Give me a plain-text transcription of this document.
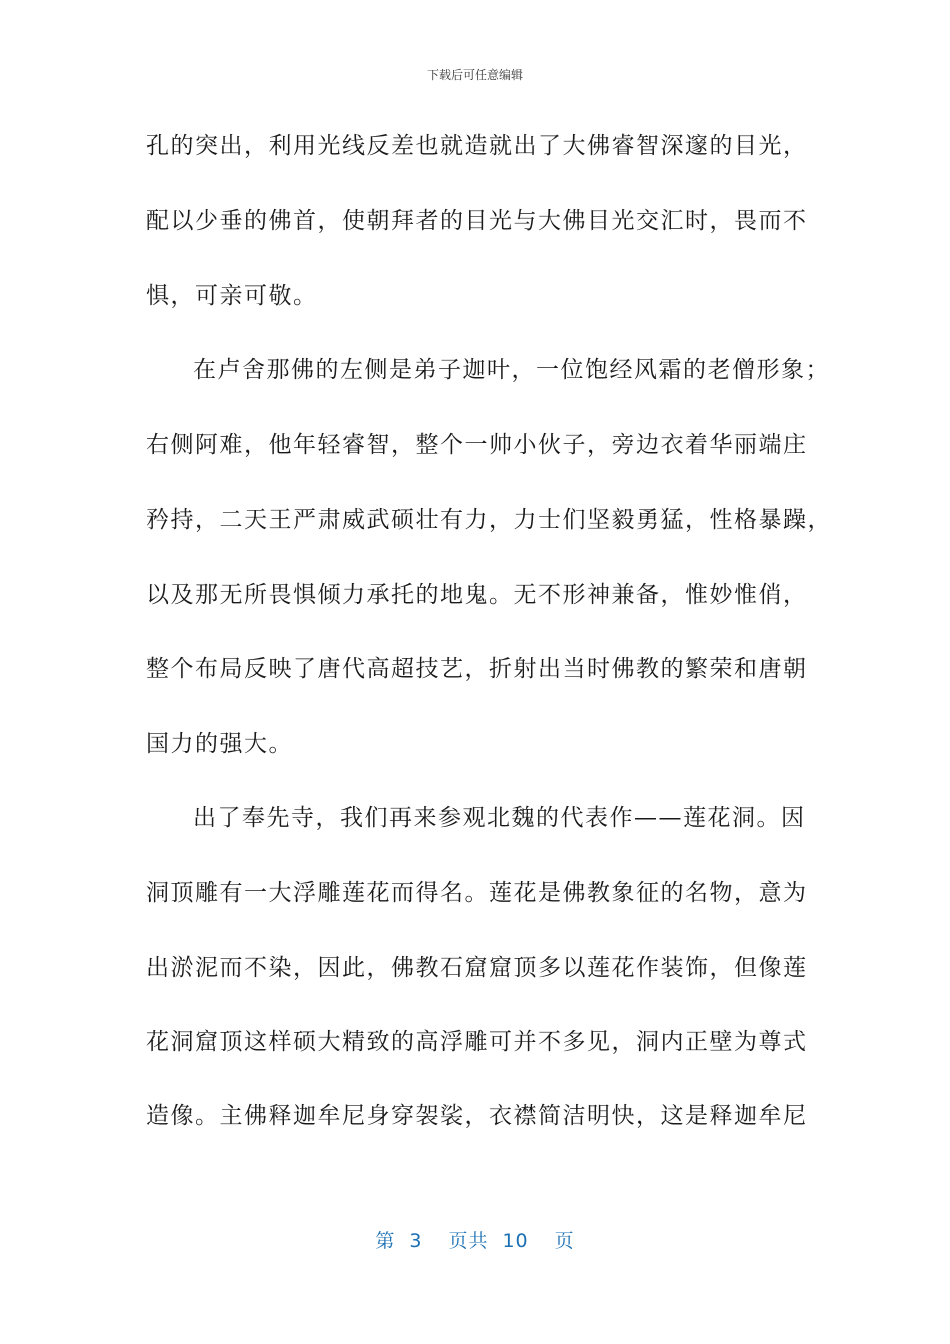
下载后可任意编辑
孔的突出，利用光线反差也就造就出了大佛睿智深邃的目光，
配以少垂的佛首，使朝拜者的目光与大佛目光交汇时，畏而不
惧，可亲可敬。
在卢舍那佛的左侧是弟子迦叶，一位饱经风霜的老僧形象；
右侧阿难，他年轻睿智，整个一帅小伙子，旁边衣着华丽端庄
矜持，二天王严肃威武硕壮有力，力士们坚毅勇猛，性格暴躁，
以及那无所畏惧倾力承托的地鬼。无不形神兼备，惟妙惟俏，
整个布局反映了唐代高超技艺，折射出当时佛教的繁荣和唐朝
国力的强大。
出了奉先寺，我们再来参观北魏的代表作——莲花洞。因
洞顶雕有一大浮雕莲花而得名。莲花是佛教象征的名物，意为
出淤泥而不染，因此，佛教石窟窟顶多以莲花作装饰，但像莲
花洞窟顶这样硕大精致的高浮雕可并不多见，洞内正壁为尊式
造像。主佛释迦牟尼身穿袈裟，衣襟简洁明快，这是释迦牟尼
第 3 页共 10 页
